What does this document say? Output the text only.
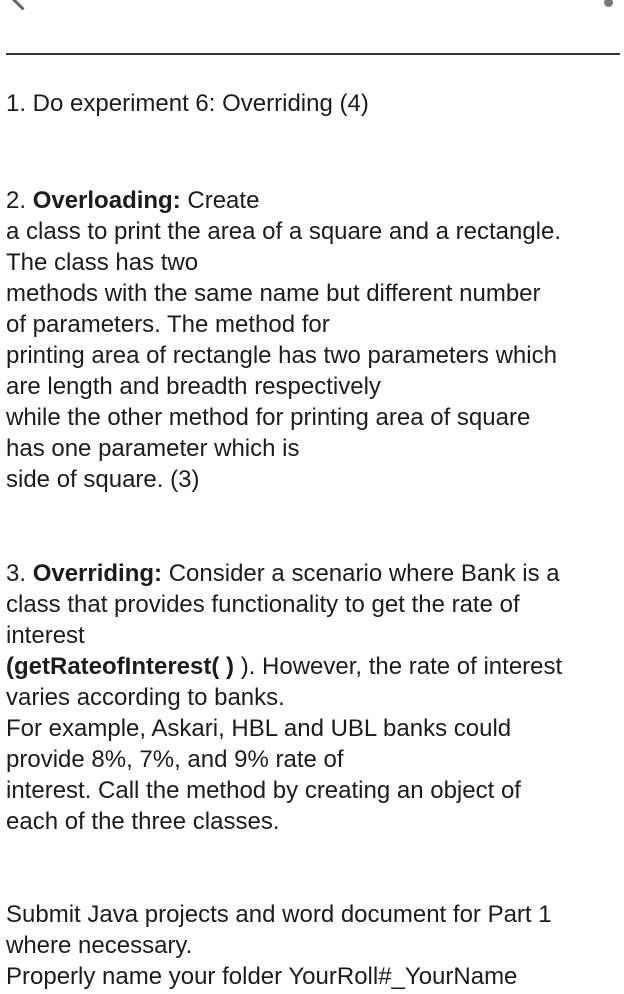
1. Do experiment 6: Overriding (4)
2. Overloading: Create
a class to print the area of a square and a rectangle.
The class has two
methods with the same name but different number
of parameters. The method for
printing area of rectangle has two parameters which
are length and breadth respectively
while the other method for printing area of square
has one parameter which is
side of square. (3)
3. Overriding: Consider a scenario where Bank is a
class that provides functionality to get the rate of
interest
(getRateofInterest( ) ). However, the rate of interest
varies according to banks.
For example, Askari, HBL and UBL banks could
provide 8%, 7%, and 9% rate of
interest. Call the method by creating an object of
each of the three classes.
Submit Java projects and word document for Part 1
where necessary.
Properly name your folder YourRoll#_YourName
